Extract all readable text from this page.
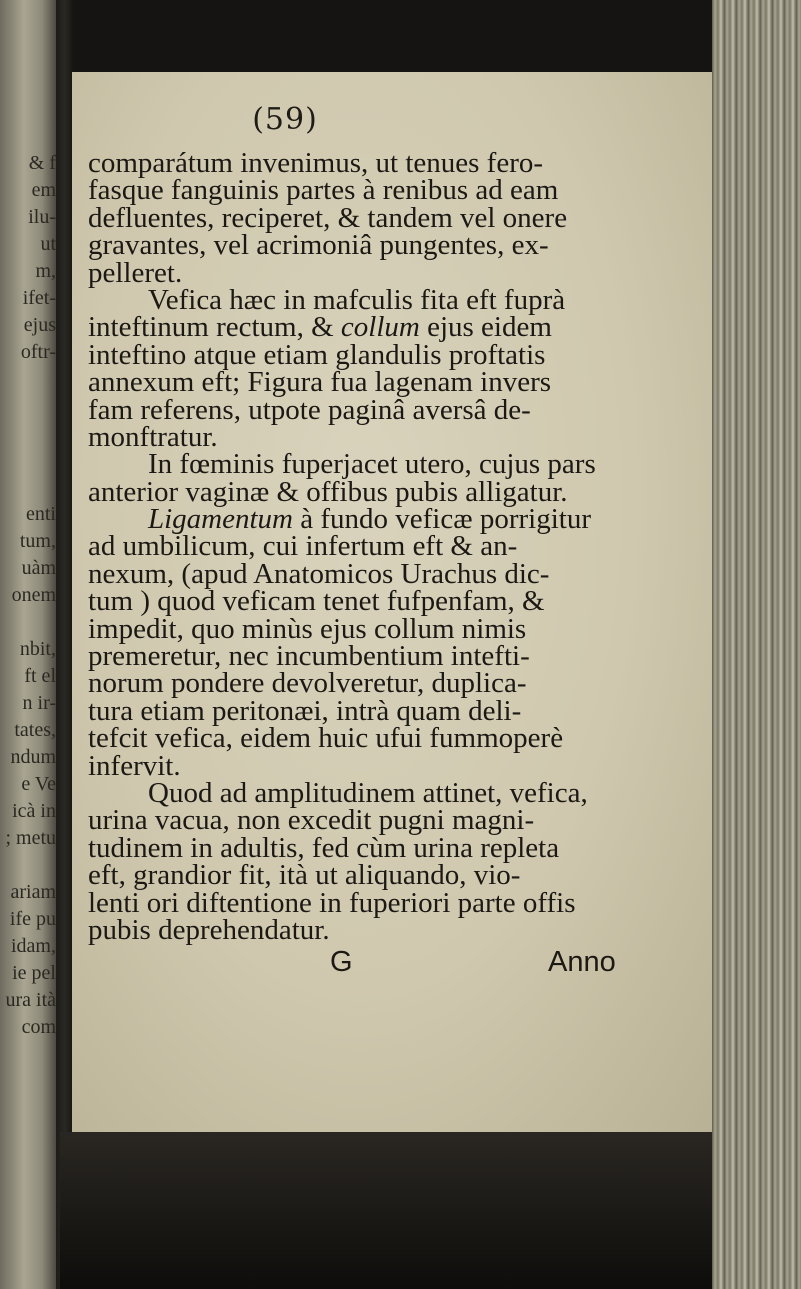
& f
em
ilu-
ut
m,
ifet-
ejus
oftr-
enti
tum,
uàm
onem
nbit,
ft el
n ir-
tates,
ndum
e Ve
icà in
; metu
ariam
ife pu
idam,
ie pel
ura ità
com
(59)
comparátum invenimus, ut tenues fero-
fasque fanguinis partes à renibus ad eam
defluentes, reciperet, & tandem vel onere
gravantes, vel acrimoniâ pungentes, ex-
pelleret.
Vefica hæc in mafculis fita eft fuprà
inteftinum rectum, & collum ejus eidem
inteftino atque etiam glandulis proftatis
annexum eft; Figura fua lagenam invers
fam referens, utpote paginâ aversâ de-
monftratur.
In fœminis fuperjacet utero, cujus pars
anterior vaginæ & offibus pubis alligatur.
Ligamentum à fundo veficæ porrigitur
ad umbilicum, cui infertum eft & an-
nexum, (apud Anatomicos Urachus dic-
tum ) quod veficam tenet fufpenfam, &
impedit, quo minùs ejus collum nimis
premeretur, nec incumbentium intefti-
norum pondere devolveretur, duplica-
tura etiam peritonæi, intrà quam deli-
tefcit vefica, eidem huic ufui fummoperè
infervit.
Quod ad amplitudinem attinet, vefica,
urina vacua, non excedit pugni magni-
tudinem in adultis, fed cùm urina repleta
eft, grandior fit, ità ut aliquando, vio-
lenti ori diftentione in fuperiori parte offis
pubis deprehendatur.
G	Anno
